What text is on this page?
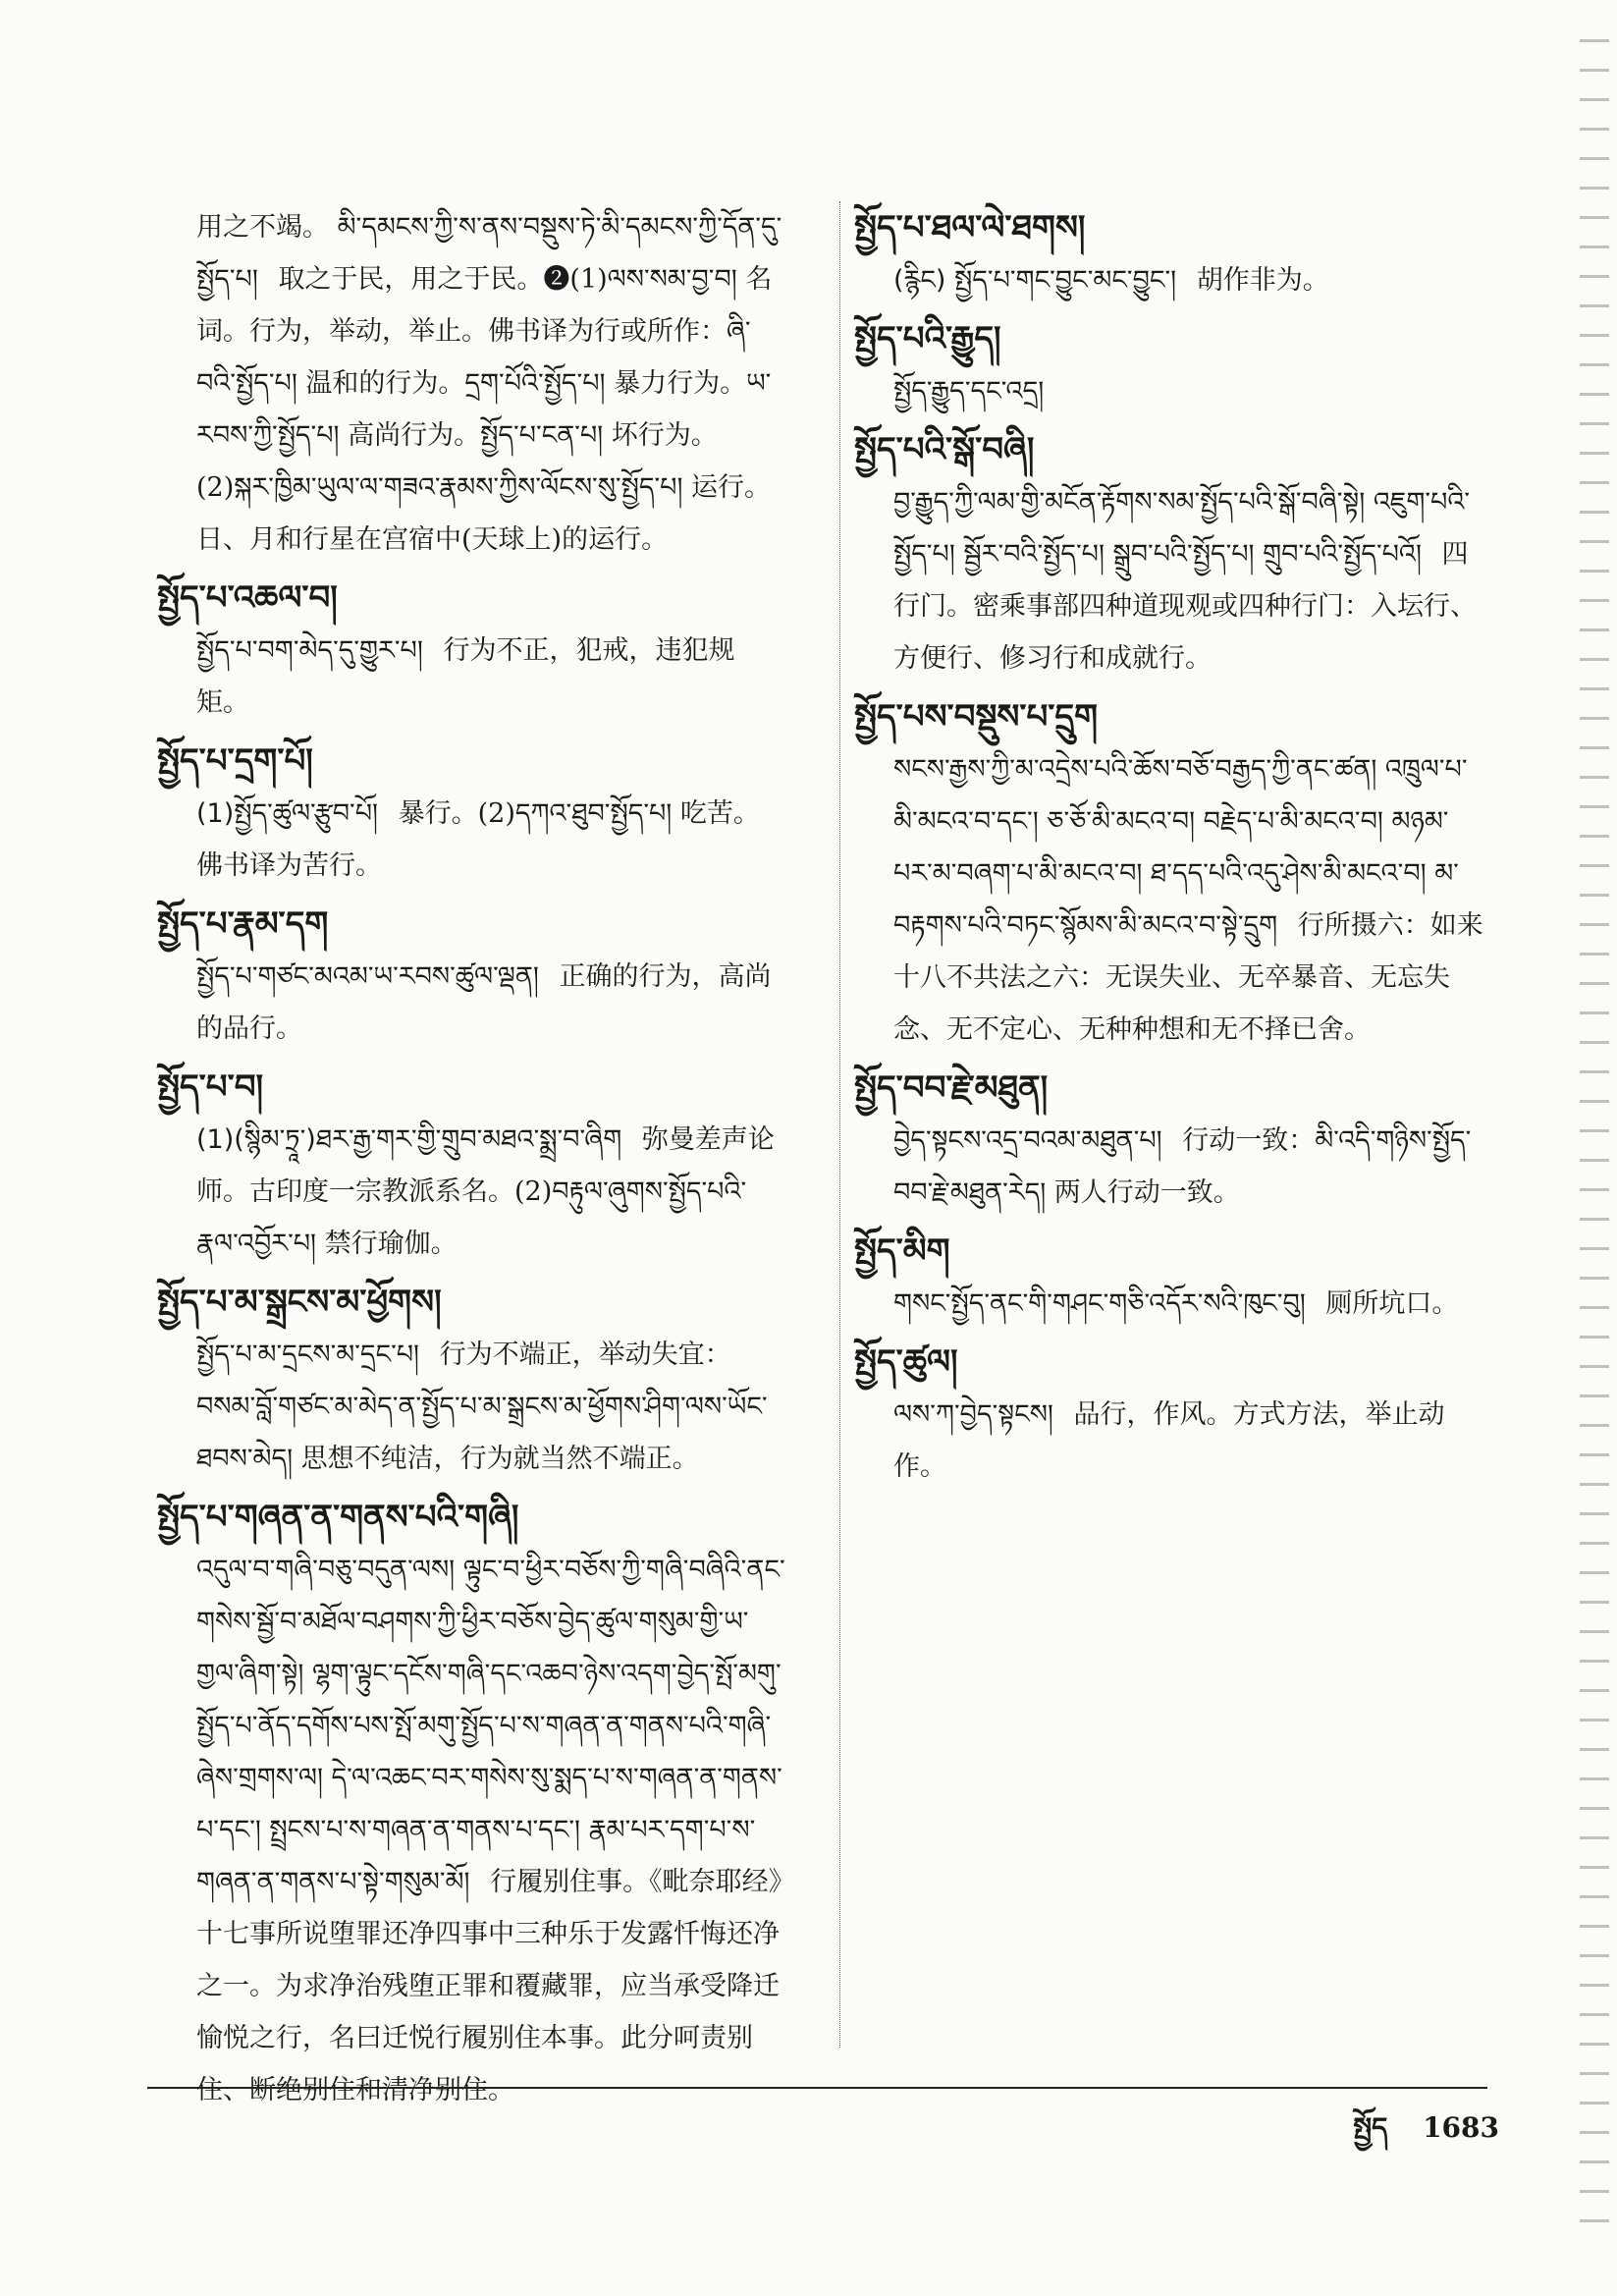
用之不竭。 མི་དམངས་ཀྱི་ས་ནས་བསྡུས་ཏེ་མི་དམངས་ཀྱི་དོན་དུ་སྤྱོད་པ། 取之于民，用之于民。❷(1)ལས་སམ་བྱ་བ། 名词。行为，举动，举止。佛书译为行或所作：ཞི་བའི་སྤྱོད་པ། 温和的行为。དྲག་པོའི་སྤྱོད་པ། 暴力行为。ཡ་རབས་ཀྱི་སྤྱོད་པ། 高尚行为。སྤྱོད་པ་ངན་པ། 坏行为。(2)སྐར་ཁྱིམ་ཡུལ་ལ་གཟའ་རྣམས་ཀྱིས་ལོངས་སུ་སྤྱོད་པ། 运行。日、月和行星在宫宿中(天球上)的运行。
སྤྱོད་པ་འཆལ་བ།
སྤྱོད་པ་བག་མེད་དུ་གྱུར་པ། 行为不正，犯戒，违犯规矩。
སྤྱོད་པ་དྲག་པོ།
(1)སྤྱོད་ཚུལ་རྩུབ་པོ། 暴行。(2)དཀའ་ཐུབ་སྤྱོད་པ། 吃苦。佛书译为苦行。
སྤྱོད་པ་རྣམ་དག
སྤྱོད་པ་གཙང་མའམ་ཡ་རབས་ཚུལ་ལྡན། 正确的行为，高尚的品行。
སྤྱོད་པ་བ།
(1)(སྙིམ་ཏྲཱ་)ཐར་རྒྱ་གར་གྱི་གྲུབ་མཐའ་སྨྲ་བ་ཞིག 弥曼差声论师。古印度一宗教派系名。(2)བརྟུལ་ཞུགས་སྤྱོད་པའི་རྣལ་འབྱོར་པ། 禁行瑜伽。
སྤྱོད་པ་མ་སྒྲངས་མ་ཕྱོགས།
སྤྱོད་པ་མ་དྲངས་མ་དྲང་པ། 行为不端正，举动失宜：བསམ་བློ་གཙང་མ་མེད་ན་སྤྱོད་པ་མ་སྒྲངས་མ་ཕྱོགས་ཤིག་ལས་ཡོང་ཐབས་མེད། 思想不纯洁，行为就当然不端正。
སྤྱོད་པ་གཞན་ན་གནས་པའི་གཞི།
འདུལ་བ་གཞི་བཅུ་བདུན་ལས། ལྟུང་བ་ཕྱིར་བཅོས་ཀྱི་གཞི་བཞིའི་ནང་གསེས་སྦྱོ་བ་མཐོལ་བཤགས་ཀྱི་ཕྱིར་བཅོས་བྱེད་ཚུལ་གསུམ་གྱི་ཡ་གྱལ་ཞིག་སྟེ། ལྷག་ལྟུང་དངོས་གཞི་དང་འཆབ་ཉེས་འདག་བྱེད་སྤོ་མགུ་སྤྱོད་པ་ནོད་དགོས་པས་སྤོ་མགུ་སྤྱོད་པ་ས་གཞན་ན་གནས་པའི་གཞི་ཞེས་གྲགས་ལ། དེ་ལ་འཆང་བར་གསེས་སུ་སྨད་པ་ས་གཞན་ན་གནས་པ་དང་། སྤྲངས་པ་ས་གཞན་ན་གནས་པ་དང་། རྣམ་པར་དག་པ་ས་གཞན་ན་གནས་པ་སྟེ་གསུམ་མོ། 行履别住事。《毗奈耶经》十七事所说堕罪还净四事中三种乐于发露忏悔还净之一。为求净治残堕正罪和覆藏罪，应当承受降迁愉悦之行，名曰迁悦行履别住本事。此分呵责别住、断绝别住和清净别住。
སྤྱོད་པ་ཐལ་ལེ་ཐགས།
(རྙིང) སྤྱོད་པ་གང་བྱུང་མང་བྱུང་། 胡作非为。
སྤྱོད་པའི་རྒྱུད།
སྤྱོད་རྒྱུད་དང་འདྲ།
སྤྱོད་པའི་སྒོ་བཞི།
བྱ་རྒྱུད་ཀྱི་ལམ་གྱི་མངོན་རྟོགས་སམ་སྤྱོད་པའི་སྒོ་བཞི་སྟེ། འཇུག་པའི་སྤྱོད་པ། སྦྱོར་བའི་སྤྱོད་པ། སྒྲུབ་པའི་སྤྱོད་པ། གྲུབ་པའི་སྤྱོད་པའོ། 四行门。密乘事部四种道现观或四种行门：入坛行、方便行、修习行和成就行。
སྤྱོད་པས་བསྡུས་པ་དྲུག
སངས་རྒྱས་ཀྱི་མ་འདྲེས་པའི་ཆོས་བཅོ་བརྒྱད་ཀྱི་ནང་ཚན། འཁྲུལ་པ་མི་མངའ་བ་དང་། ཅ་ཅོ་མི་མངའ་བ། བརྗེད་པ་མི་མངའ་བ། མཉམ་པར་མ་བཞག་པ་མི་མངའ་བ། ཐ་དད་པའི་འདུ་ཤེས་མི་མངའ་བ། མ་བརྟགས་པའི་བཏང་སྙོམས་མི་མངའ་བ་སྟེ་དྲུག 行所摄六：如来十八不共法之六：无误失业、无卒暴音、无忘失念、无不定心、无种种想和无不择已舍。
སྤྱོད་བབ་རྗེ་མཐུན།
བྱེད་སྟངས་འདྲ་བའམ་མཐུན་པ། 行动一致：མི་འདི་གཉིས་སྤྱོད་བབ་རྗེ་མཐུན་རེད། 两人行动一致。
སྤྱོད་མིག
གསང་སྤྱོད་ནང་གི་གཤང་གཅི་འདོར་སའི་ཁུང་བུ། 厕所坑口。
སྤྱོད་ཚུལ།
ལས་ཀ་བྱེད་སྟངས། 品行，作风。方式方法，举止动作。
སྤྱོད 1683
